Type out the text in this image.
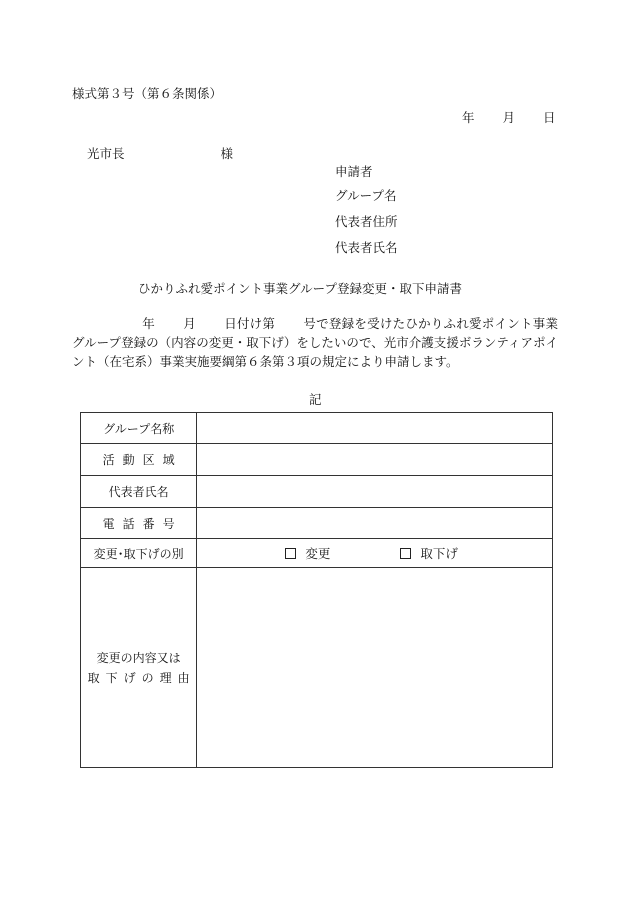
様式第３号（第６条関係）
年 月 日
光市長	様
申請者
グループ名
代表者住所
代表者氏名
ひかりふれ愛ポイント事業グループ登録変更・取下申請書
年 月 日付け第 号で登録を受けたひかりふれ愛ポイント事業グループ登録の（内容の変更・取下げ）をしたいので、光市介護支援ボランティアポイント（在宅系）事業実施要綱第６条第３項の規定により申請します。
記
グループ名称	
活動区域	
代表者氏名	
電話番号	
変更･取下げの別	変更 取下げ

変更の内容又は
取下げの理由	
